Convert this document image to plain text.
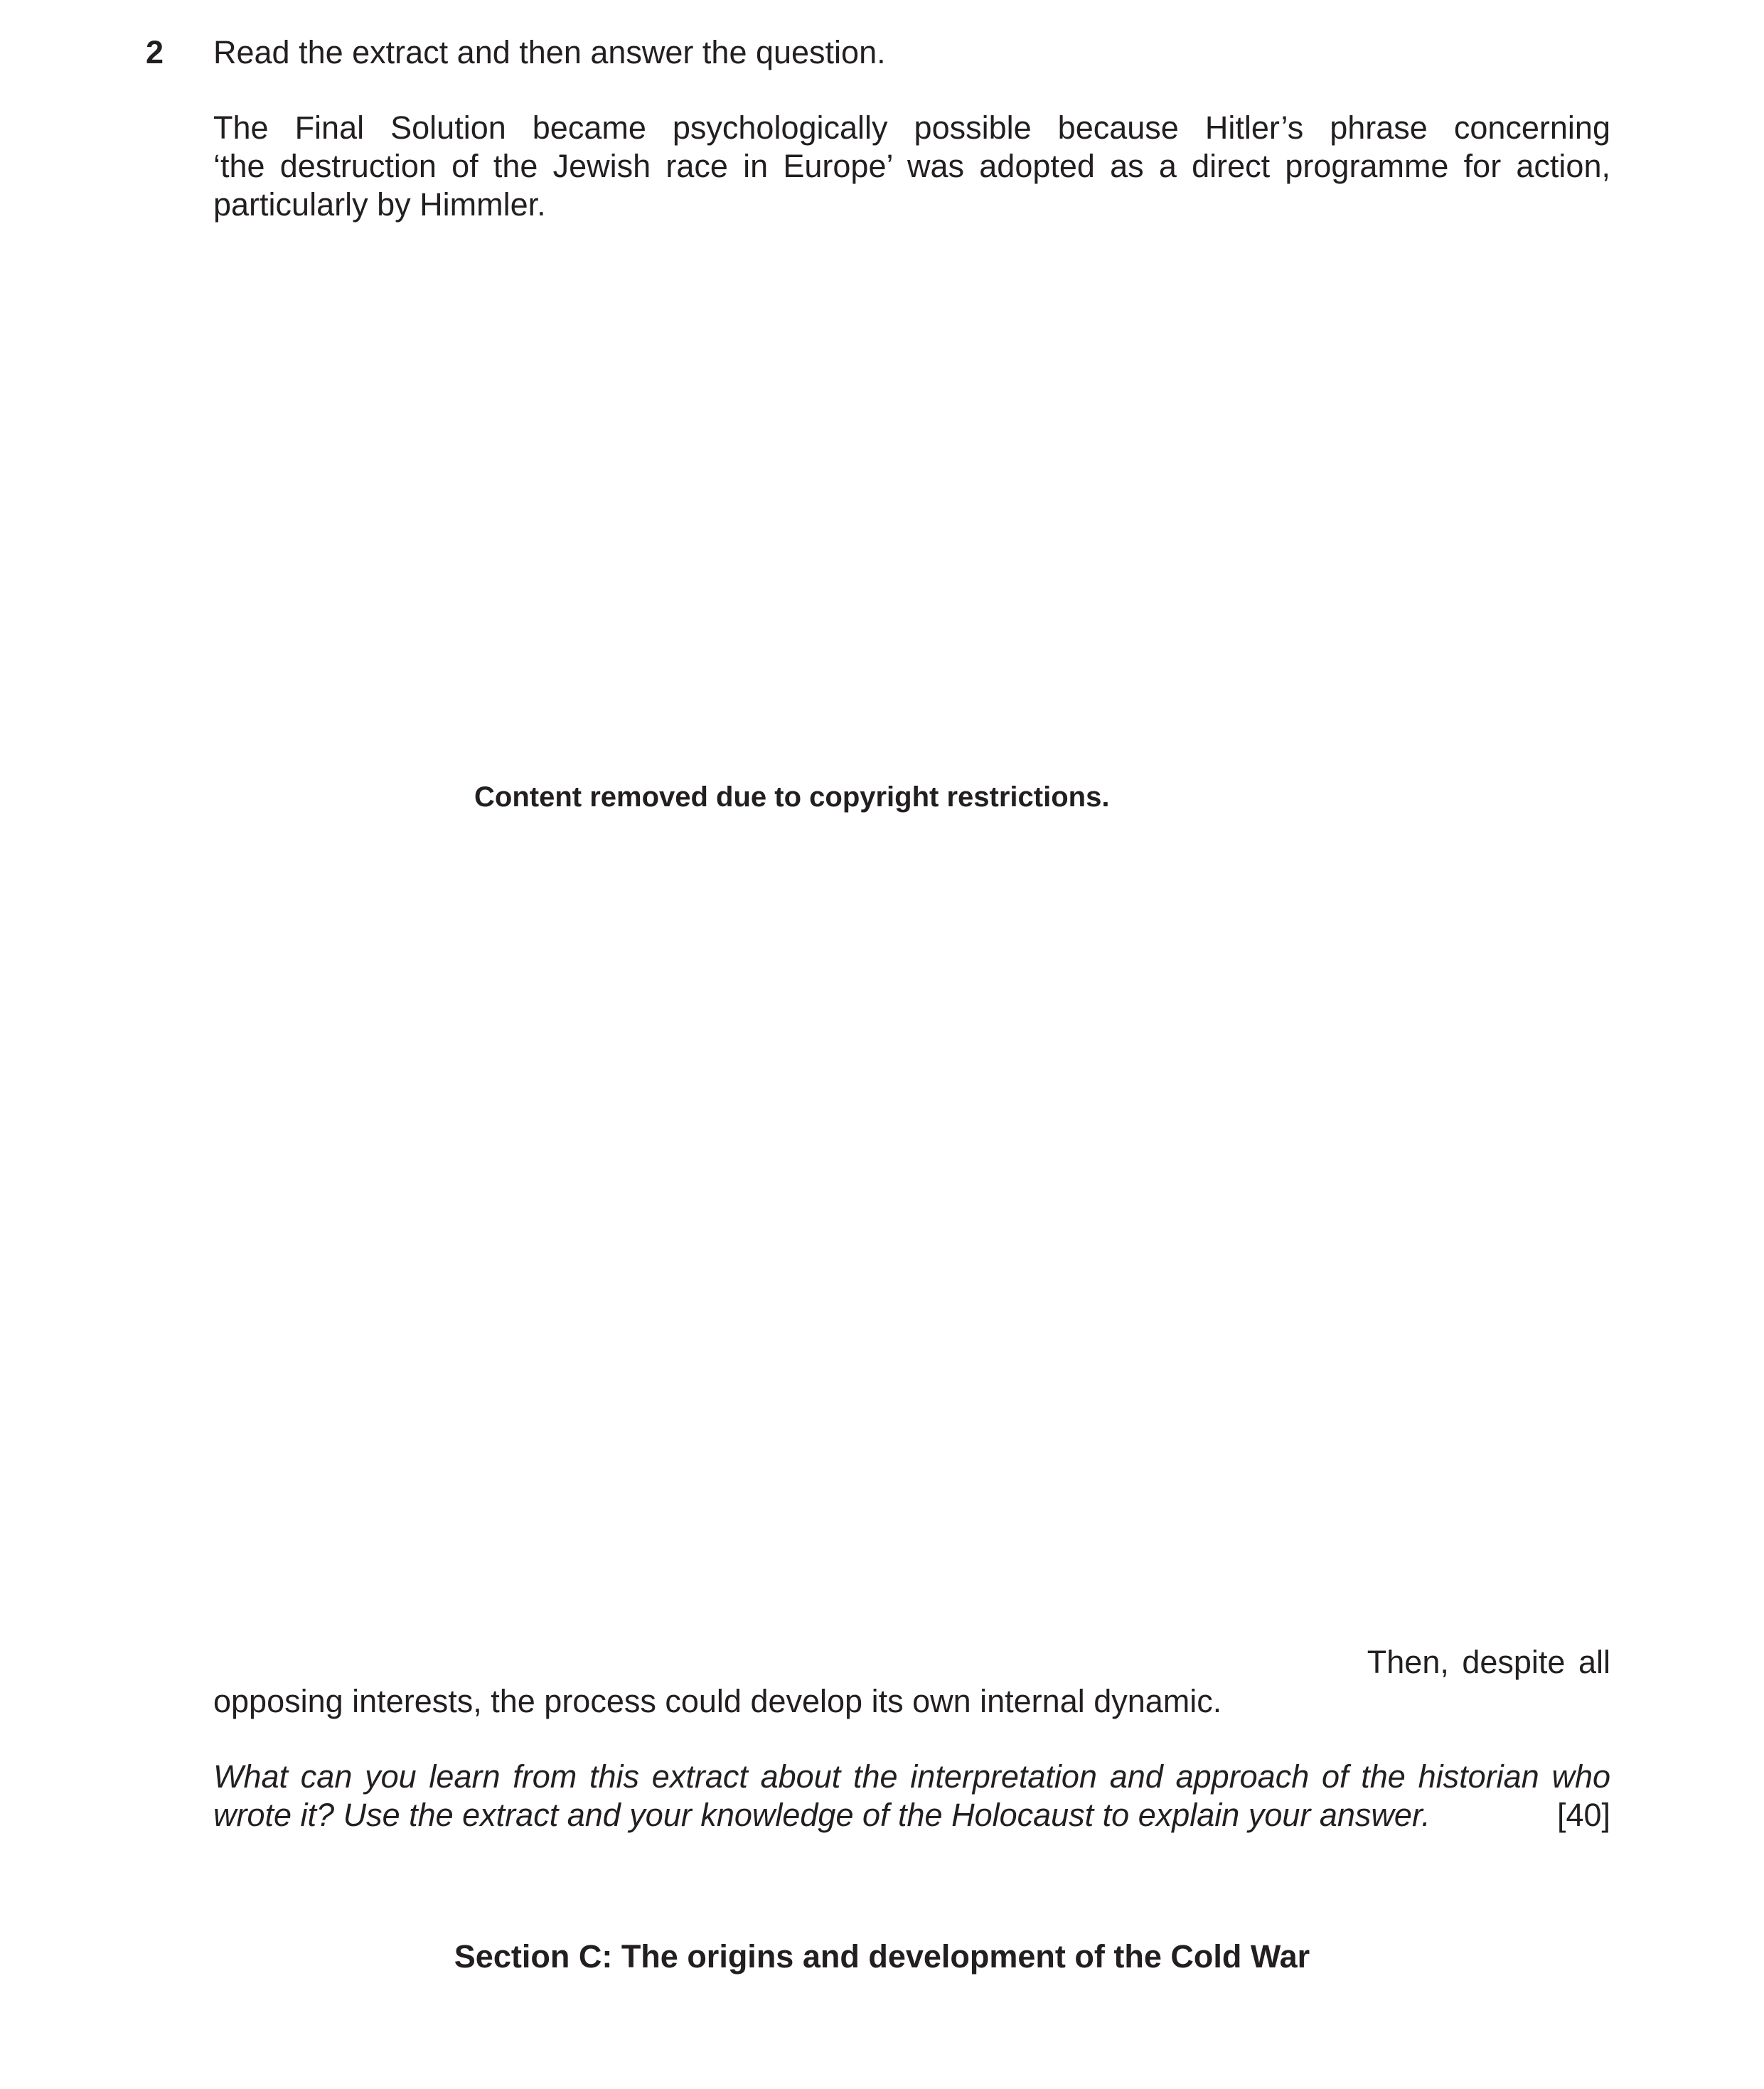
2 Read the extract and then answer the question.
The Final Solution became psychologically possible because Hitler’s phrase concerning
‘the destruction of the Jewish race in Europe’ was adopted as a direct programme for action,
particularly by Himmler.
Content removed due to copyright restrictions.
Then, despite all
opposing interests, the process could develop its own internal dynamic.
What can you learn from this extract about the interpretation and approach of the historian who
wrote it? Use the extract and your knowledge of the Holocaust to explain your answer.	[40]
Section C: The origins and development of the Cold War
